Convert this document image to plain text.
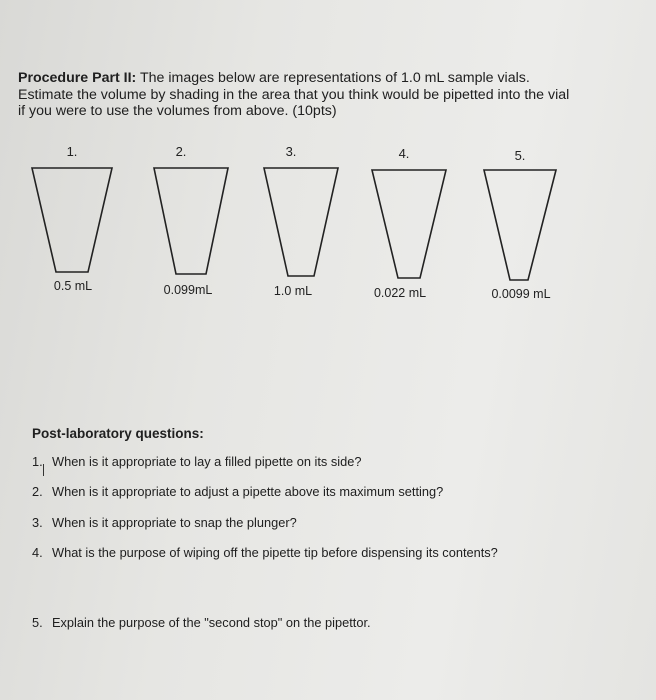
Procedure Part II: The images below are representations of 1.0 mL sample vials.
Estimate the volume by shading in the area that you think would be pipetted into the vial
if you were to use the volumes from above. (10pts)
1.
0.5 mL
2.
0.099mL
3.
1.0 mL
4.
0.022 mL
5.
0.0099 mL
Post-laboratory questions:
1. When is it appropriate to lay a filled pipette on its side?
2. When is it appropriate to adjust a pipette above its maximum setting?
3. When is it appropriate to snap the plunger?
4. What is the purpose of wiping off the pipette tip before dispensing its contents?
5. Explain the purpose of the "second stop" on the pipettor.
